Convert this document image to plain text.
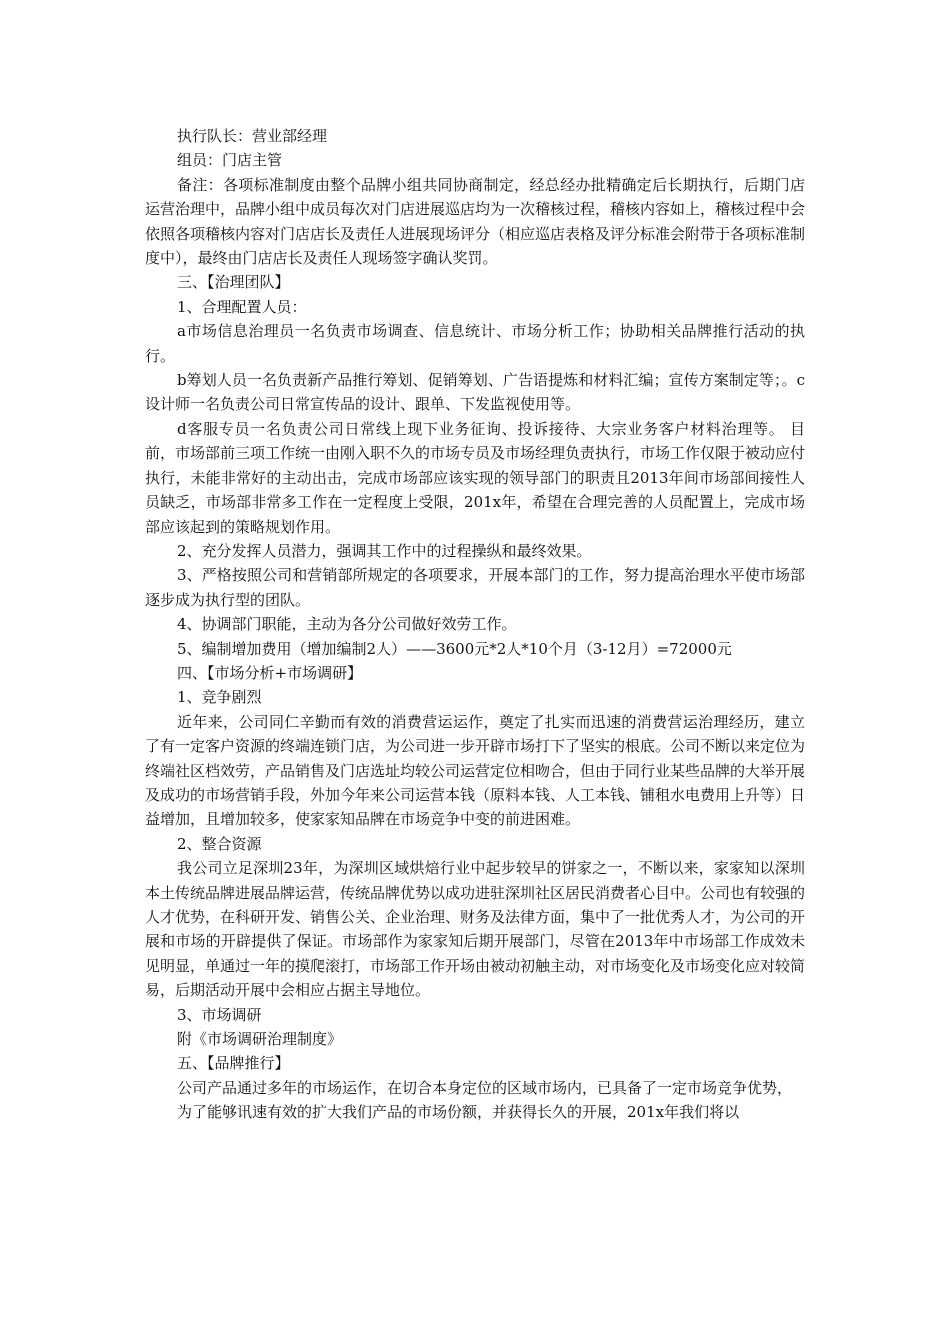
执行队长：营业部经理

组员：门店主管

备注：各项标准制度由整个品牌小组共同协商制定，经总经办批精确定后长期执行，后期门店运营治理中，品牌小组中成员每次对门店进展巡店均为一次稽核过程，稽核内容如上，稽核过程中会依照各项稽核内容对门店店长及责任人进展现场评分（相应巡店表格及评分标准会附带于各项标准制度中），最终由门店店长及责任人现场签字确认奖罚。

三、【治理团队】

1、合理配置人员：

a市场信息治理员一名负责市场调查、信息统计、市场分析工作；协助相关品牌推行活动的执行。

b筹划人员一名负责新产品推行筹划、促销筹划、广告语提炼和材料汇编；宣传方案制定等；。c设计师一名负责公司日常宣传品的设计、跟单、下发监视使用等。

d客服专员一名负责公司日常线上现下业务征询、投诉接待、大宗业务客户材料治理等。 目前，市场部前三项工作统一由刚入职不久的市场专员及市场经理负责执行，市场工作仅限于被动应付执行，未能非常好的主动出击，完成市场部应该实现的领导部门的职责且2013年间市场部间接性人员缺乏，市场部非常多工作在一定程度上受限，201x年，希望在合理完善的人员配置上，完成市场部应该起到的策略规划作用。

2、充分发挥人员潜力，强调其工作中的过程操纵和最终效果。

3、严格按照公司和营销部所规定的各项要求，开展本部门的工作，努力提高治理水平使市场部逐步成为执行型的团队。

4、协调部门职能，主动为各分公司做好效劳工作。

5、编制增加费用（增加编制2人）——3600元*2人*10个月（3-12月）=72000元

四、【市场分析+市场调研】

1、竞争剧烈

近年来，公司同仁辛勤而有效的消费营运运作，奠定了扎实而迅速的消费营运治理经历，建立了有一定客户资源的终端连锁门店，为公司进一步开辟市场打下了坚实的根底。公司不断以来定位为终端社区档效劳，产品销售及门店选址均较公司运营定位相吻合，但由于同行业某些品牌的大举开展及成功的市场营销手段，外加今年来公司运营本钱（原料本钱、人工本钱、铺租水电费用上升等）日益增加，且增加较多，使家家知品牌在市场竞争中变的前进困难。

2、整合资源

我公司立足深圳23年，为深圳区域烘焙行业中起步较早的饼家之一，不断以来，家家知以深圳本土传统品牌进展品牌运营，传统品牌优势以成功进驻深圳社区居民消费者心目中。公司也有较强的人才优势，在科研开发、销售公关、企业治理、财务及法律方面，集中了一批优秀人才，为公司的开展和市场的开辟提供了保证。市场部作为家家知后期开展部门，尽管在2013年中市场部工作成效未见明显，单通过一年的摸爬滚打，市场部工作开场由被动初触主动，对市场变化及市场变化应对较简易，后期活动开展中会相应占据主导地位。

3、市场调研

附《市场调研治理制度》

五、【品牌推行】

公司产品通过多年的市场运作，在切合本身定位的区域市场内，已具备了一定市场竞争优势，

为了能够讯速有效的扩大我们产品的市场份额，并获得长久的开展，201x年我们将以
